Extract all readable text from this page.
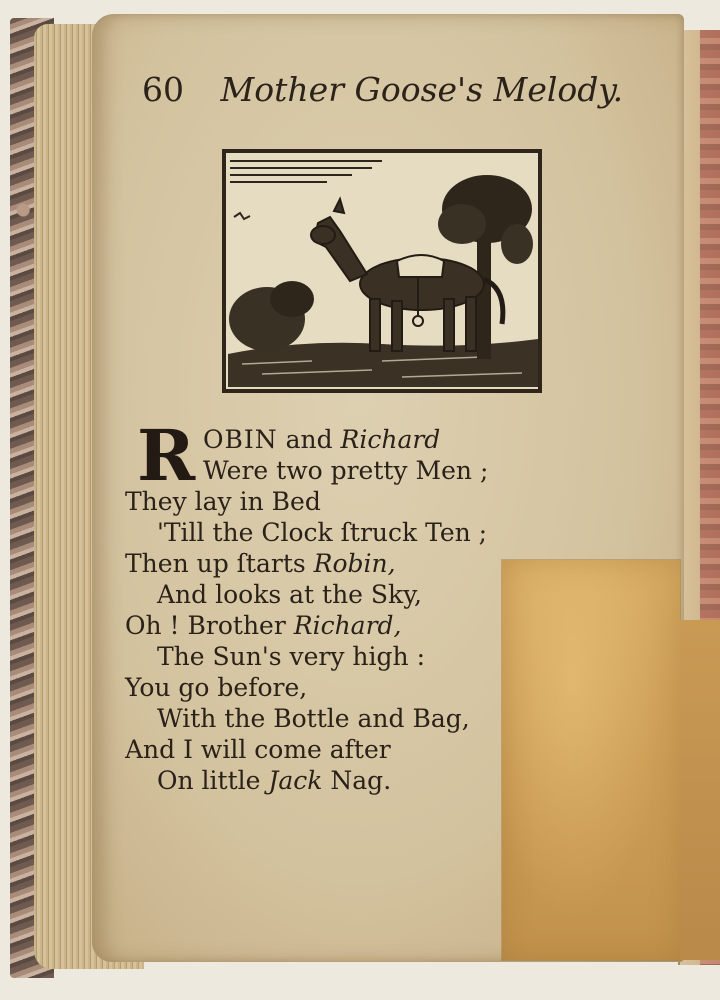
60 Mother Goose's Melody.
R OBIN and Richard
Were two pretty Men ;
They lay in Bed
'Till the Clock ſtruck Ten ;
Then up ſtarts Robin,
And looks at the Sky,
Oh ! Brother Richard,
The Sun's very high :
You go before,
With the Bottle and Bag,
And I will come after
On little Jack Nag.
